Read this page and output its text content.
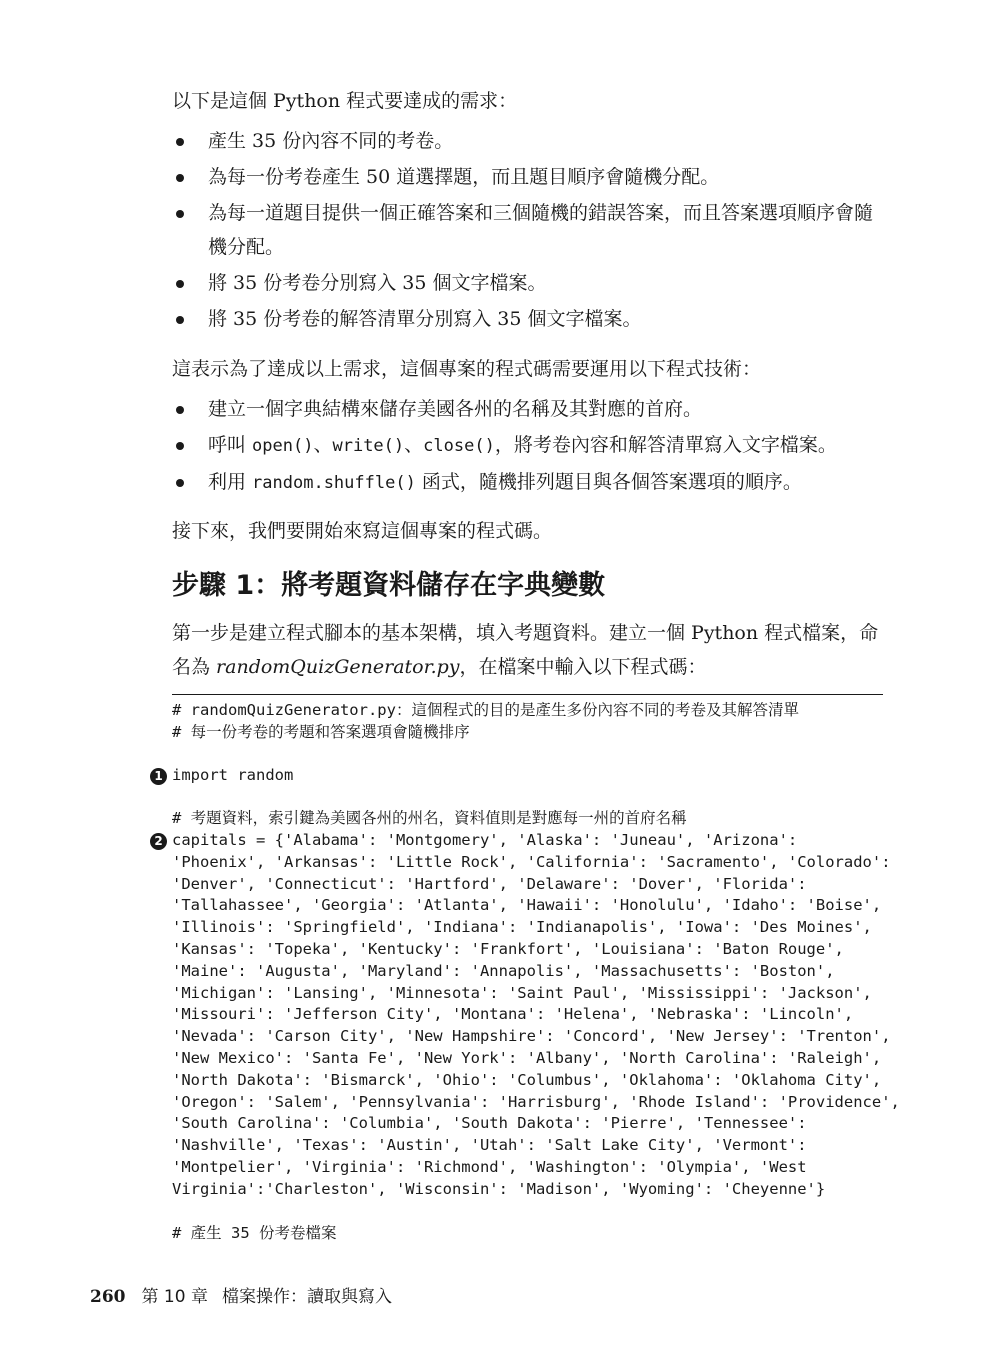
以下是這個 Python 程式要達成的需求：

產生 35 份內容不同的考卷。
為每一份考卷產生 50 道選擇題，而且題目順序會隨機分配。
為每一道題目提供一個正確答案和三個隨機的錯誤答案，而且答案選項順序會隨機分配。
將 35 份考卷分別寫入 35 個文字檔案。
將 35 份考卷的解答清單分別寫入 35 個文字檔案。

這表示為了達成以上需求，這個專案的程式碼需要運用以下程式技術：

建立一個字典結構來儲存美國各州的名稱及其對應的首府。
呼叫 open()、write()、close()，將考卷內容和解答清單寫入文字檔案。
利用 random.shuffle() 函式，隨機排列題目與各個答案選項的順序。

接下來，我們要開始來寫這個專案的程式碼。

步驟 1：將考題資料儲存在字典變數

第一步是建立程式腳本的基本架構，填入考題資料。建立一個 Python 程式檔案，命名為 randomQuizGenerator.py，在檔案中輸入以下程式碼：

# randomQuizGenerator.py：這個程式的目的是產生多份內容不同的考卷及其解答清單
# 每一份考卷的考題和答案選項會隨機排序
1 import random
# 考題資料，索引鍵為美國各州的州名，資料值則是對應每一州的首府名稱
2 capitals = {'Alabama': 'Montgomery', 'Alaska': 'Juneau', 'Arizona':
'Phoenix', 'Arkansas': 'Little Rock', 'California': 'Sacramento', 'Colorado':
'Denver', 'Connecticut': 'Hartford', 'Delaware': 'Dover', 'Florida':
'Tallahassee', 'Georgia': 'Atlanta', 'Hawaii': 'Honolulu', 'Idaho': 'Boise',
'Illinois': 'Springfield', 'Indiana': 'Indianapolis', 'Iowa': 'Des Moines',
'Kansas': 'Topeka', 'Kentucky': 'Frankfort', 'Louisiana': 'Baton Rouge',
'Maine': 'Augusta', 'Maryland': 'Annapolis', 'Massachusetts': 'Boston',
'Michigan': 'Lansing', 'Minnesota': 'Saint Paul', 'Mississippi': 'Jackson',
'Missouri': 'Jefferson City', 'Montana': 'Helena', 'Nebraska': 'Lincoln',
'Nevada': 'Carson City', 'New Hampshire': 'Concord', 'New Jersey': 'Trenton',
'New Mexico': 'Santa Fe', 'New York': 'Albany', 'North Carolina': 'Raleigh',
'North Dakota': 'Bismarck', 'Ohio': 'Columbus', 'Oklahoma': 'Oklahoma City',
'Oregon': 'Salem', 'Pennsylvania': 'Harrisburg', 'Rhode Island': 'Providence',
'South Carolina': 'Columbia', 'South Dakota': 'Pierre', 'Tennessee':
'Nashville', 'Texas': 'Austin', 'Utah': 'Salt Lake City', 'Vermont':
'Montpelier', 'Virginia': 'Richmond', 'Washington': 'Olympia', 'West
Virginia':'Charleston', 'Wisconsin': 'Madison', 'Wyoming': 'Cheyenne'}
# 產生 35 份考卷檔案
260 第 10 章 檔案操作：讀取與寫入
